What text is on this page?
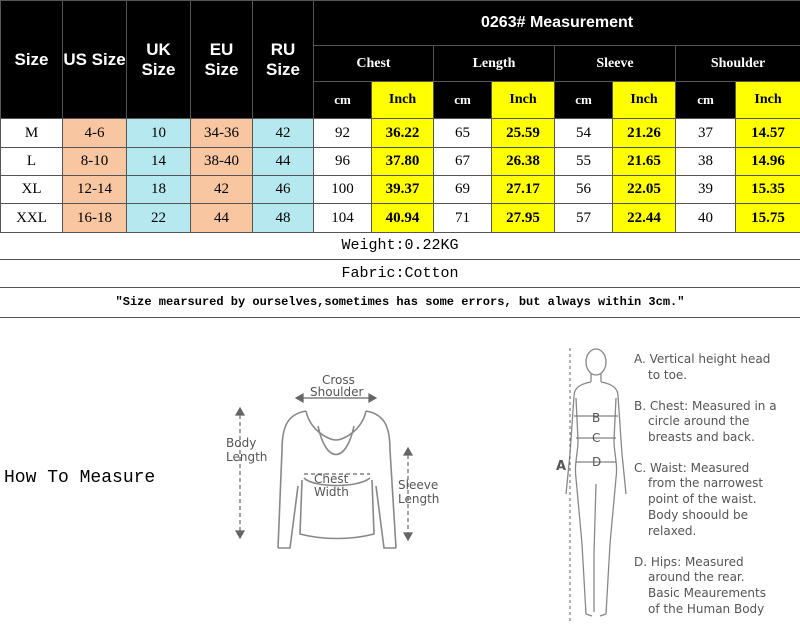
Size	US Size	UK Size	EU Size	RU Size	0263# Measurement							
					Chest		Length		Sleeve		Shoulder	
					cm	Inch	cm	Inch	cm	Inch	cm	Inch
M	4-6	10	34-36	42	92	36.22	65	25.59	54	21.26	37	14.57
L	8-10	14	38-40	44	96	37.80	67	26.38	55	21.65	38	14.96
XL	12-14	18	42	46	100	39.37	69	27.17	56	22.05	39	15.35
XXL	16-18	22	44	48	104	40.94	71	27.95	57	22.44	40	15.75
Weight:0.22KG
Fabric:Cotton
"Size mearsured by ourselves,sometimes has some errors, but always within 3cm."
How To Measure
Cross
Shoulder
Body
Length
Chest
Width	Sleeve
Length
B
C
D
A
A. Vertical height head
to toe.
B. Chest: Measured in a
circle around the
breasts and back.
C. Waist: Measured
from the narrowest
point of the waist.
Body shoould be
relaxed.
D. Hips: Measured
around the rear.
Basic Meaurements
of the Human Body
